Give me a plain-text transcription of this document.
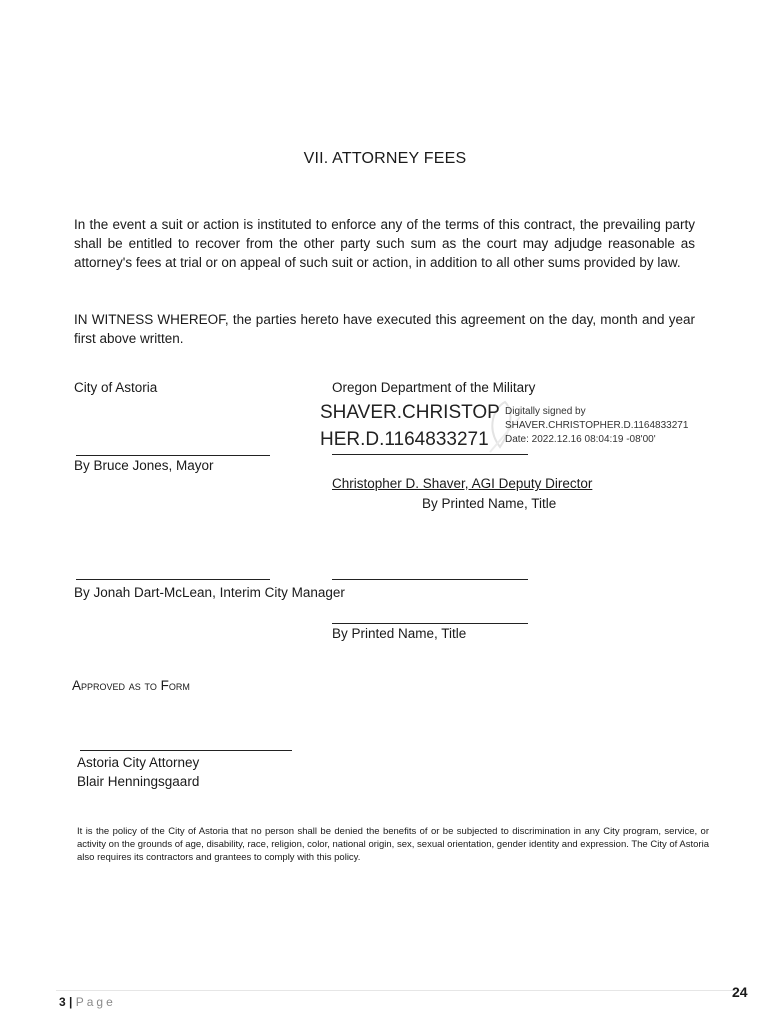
VII. ATTORNEY FEES
In the event a suit or action is instituted to enforce any of the terms of this contract, the prevailing party shall be entitled to recover from the other party such sum as the court may adjudge reasonable as attorney's fees at trial or on appeal of such suit or action, in addition to all other sums provided by law.
IN WITNESS WHEREOF, the parties hereto have executed this agreement on the day, month and year first above written.
City of Astoria
By Bruce Jones, Mayor
Oregon Department of the Military
SHAVER.CHRISTOP
HER.D.1164833271
Digitally signed by
SHAVER.CHRISTOPHER.D.1164833271
Date: 2022.12.16 08:04:19 -08'00'
Christopher D. Shaver, AGI Deputy Director
By Printed Name, Title
By Jonah Dart-McLean, Interim City Manager
By Printed Name, Title
Approved as to Form
Astoria City Attorney
Blair Henningsgaard
It is the policy of the City of Astoria that no person shall be denied the benefits of or be subjected to discrimination in any City program, service, or activity on the grounds of age, disability, race, religion, color, national origin, sex, sexual orientation, gender identity and expression. The City of Astoria also requires its contractors and grantees to comply with this policy.
3 | Page
24
